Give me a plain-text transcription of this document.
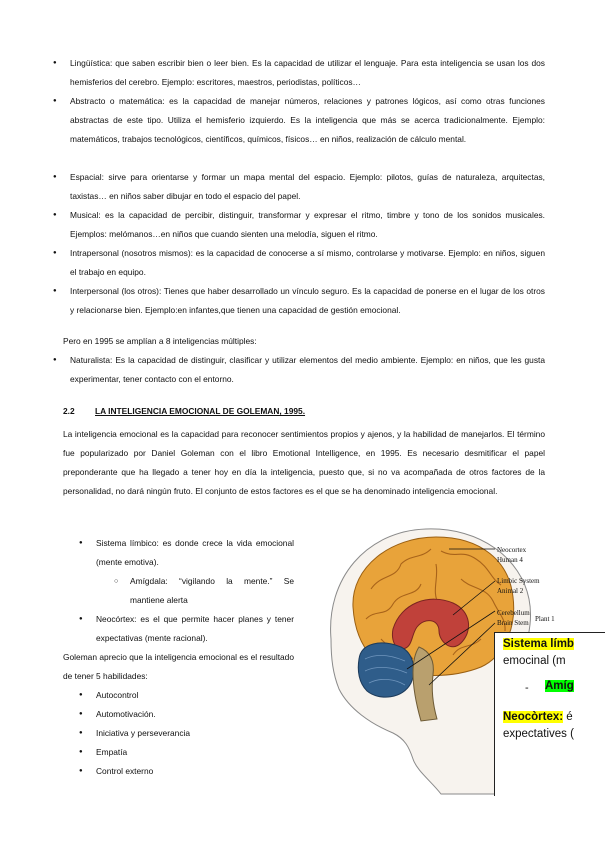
● Lingüística: que saben escribir bien o leer bien. Es la capacidad de utilizar el lenguaje. Para esta inteligencia se usan los dos hemisferios del cerebro. Ejemplo: escritores, maestros, periodistas, políticos…

● Abstracto o matemática: es la capacidad de manejar números, relaciones y patrones lógicos, así como otras funciones abstractas de este tipo. Utiliza el hemisferio izquierdo. Es la inteligencia que más se acerca tradicionalmente. Ejemplo: matemáticos, trabajos tecnológicos, científicos, químicos, físicos… en niños, realización de cálculo mental.

● Espacial: sirve para orientarse y formar un mapa mental del espacio. Ejemplo: pilotos, guías de naturaleza, arquitectas, taxistas… en niños saber dibujar en todo el espacio del papel.

● Musical: es la capacidad de percibir, distinguir, transformar y expresar el ritmo, timbre y tono de los sonidos musicales. Ejemplos: melómanos…en niños que cuando sienten una melodía, siguen el ritmo.

● Intrapersonal (nosotros mismos): es la capacidad de conocerse a sí mismo, controlarse y motivarse. Ejemplo: en niños, siguen el trabajo en equipo.

● Interpersonal (los otros): Tienes que haber desarrollado un vínculo seguro. Es la capacidad de ponerse en el lugar de los otros y relacionarse bien. Ejemplo:en infantes,que tienen una capacidad de gestión emocional.

Pero en 1995 se amplían a 8 inteligencias múltiples:

● Naturalista: Es la capacidad de distinguir, clasificar y utilizar elementos del medio ambiente. Ejemplo: en niños, que les gusta experimentar, tener contacto con el entorno.

2.2 LA INTELIGENCIA EMOCIONAL DE GOLEMAN, 1995.

La inteligencia emocional es la capacidad para reconocer sentimientos propios y ajenos, y la habilidad de manejarlos. El término fue popularizado por Daniel Goleman con el libro Emotional Intelligence, en 1995. Es necesario desmitificar el papel preponderante que ha llegado a tener hoy en día la inteligencia, puesto que, si no va acompañada de otros factores de la personalidad, no dará ningún fruto. El conjunto de estos factores es el que se ha denominado inteligencia emocional.

● Sistema límbico: es donde crece la vida emocional (mente emotiva).

○ Amígdala: “vigilando la mente.” Se mantiene alerta

● Neocórtex: es el que permite hacer planes y tener expectativas (mente racional).

Goleman aprecio que la inteligencia emocional es el resultado de tener 5 habilidades:

● Autocontrol

● Automotivación.

● Iniciativa y perseverancia

● Empatía

● Control externo

Neocortex
Human 4
Limbic System
Animal 2
Cerebellum
Brain Stem Plant 1
Sistema límb
emocinal (m
- Amíg
Neocòrtex: é
expectatives (
